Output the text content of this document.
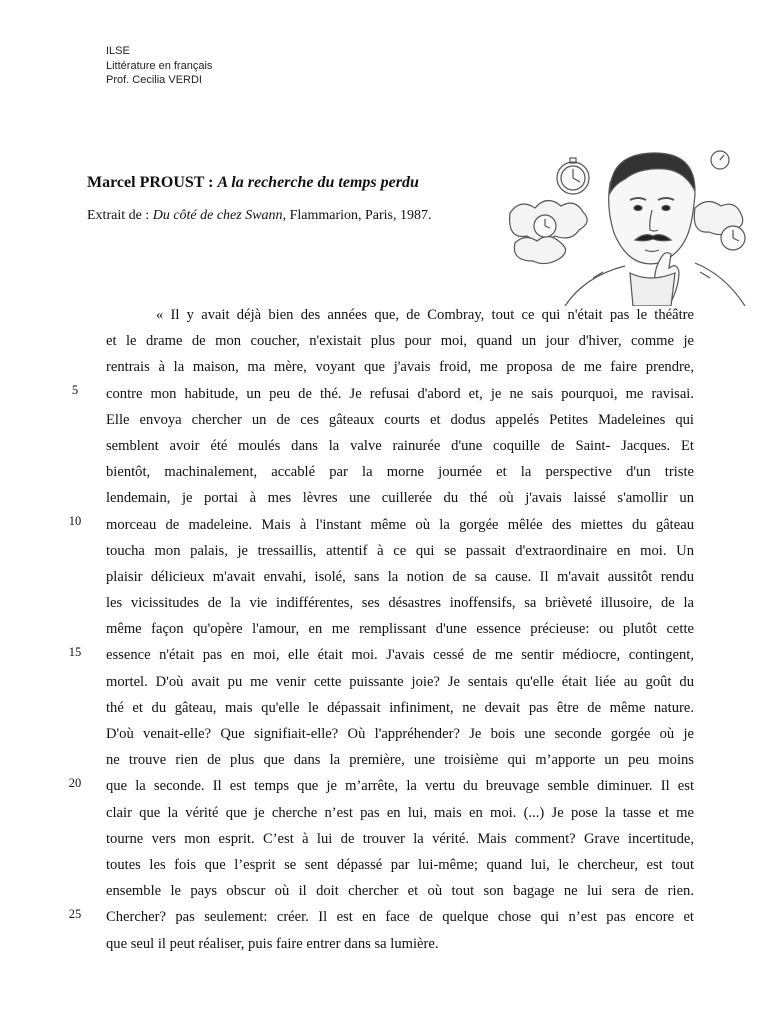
ILSE
Littérature en français
Prof. Cecilia VERDI
Marcel PROUST : A la recherche du temps perdu
Extrait de : Du côté de chez Swann, Flammarion, Paris, 1987.
5
10
15
20
25
« Il y avait déjà bien des années que, de Combray, tout ce qui n'était pas le théâtre
et le drame de mon coucher, n'existait plus pour moi, quand un jour d'hiver, comme je
rentrais à la maison, ma mère, voyant que j'avais froid, me proposa de me faire prendre,
contre mon habitude, un peu de thé. Je refusai d'abord et, je ne sais pourquoi, me ravisai.
Elle envoya chercher un de ces gâteaux courts et dodus appelés Petites Madeleines qui
semblent avoir été moulés dans la valve rainurée d'une coquille de Saint- Jacques. Et
bientôt, machinalement, accablé par la morne journée et la perspective d'un triste
lendemain, je portai à mes lèvres une cuillerée du thé où j'avais laissé s'amollir un
morceau de madeleine. Mais à l'instant même où la gorgée mêlée des miettes du gâteau
toucha mon palais, je tressaillis, attentif à ce qui se passait d'extraordinaire en moi. Un
plaisir délicieux m'avait envahi, isolé, sans la notion de sa cause. Il m'avait aussitôt rendu
les vicissitudes de la vie indifférentes, ses désastres inoffensifs, sa brièveté illusoire, de la
même façon qu'opère l'amour, en me remplissant d'une essence précieuse: ou plutôt cette
essence n'était pas en moi, elle était moi. J'avais cessé de me sentir médiocre, contingent,
mortel. D'où avait pu me venir cette puissante joie? Je sentais qu'elle était liée au goût du
thé et du gâteau, mais qu'elle le dépassait infiniment, ne devait pas être de même nature.
D'où venait-elle? Que signifiait-elle? Où l'appréhender? Je bois une seconde gorgée où je
ne trouve rien de plus que dans la première, une troisième qui m’apporte un peu moins
que la seconde. Il est temps que je m’arrête, la vertu du breuvage semble diminuer. Il est
clair que la vérité que je cherche n’est pas en lui, mais en moi. (...) Je pose la tasse et me
tourne vers mon esprit. C’est à lui de trouver la vérité. Mais comment? Grave incertitude,
toutes les fois que l’esprit se sent dépassé par lui-même; quand lui, le chercheur, est tout
ensemble le pays obscur où il doit chercher et où tout son bagage ne lui sera de rien.
Chercher? pas seulement: créer. Il est en face de quelque chose qui n’est pas encore et
que seul il peut réaliser, puis faire entrer dans sa lumière.
